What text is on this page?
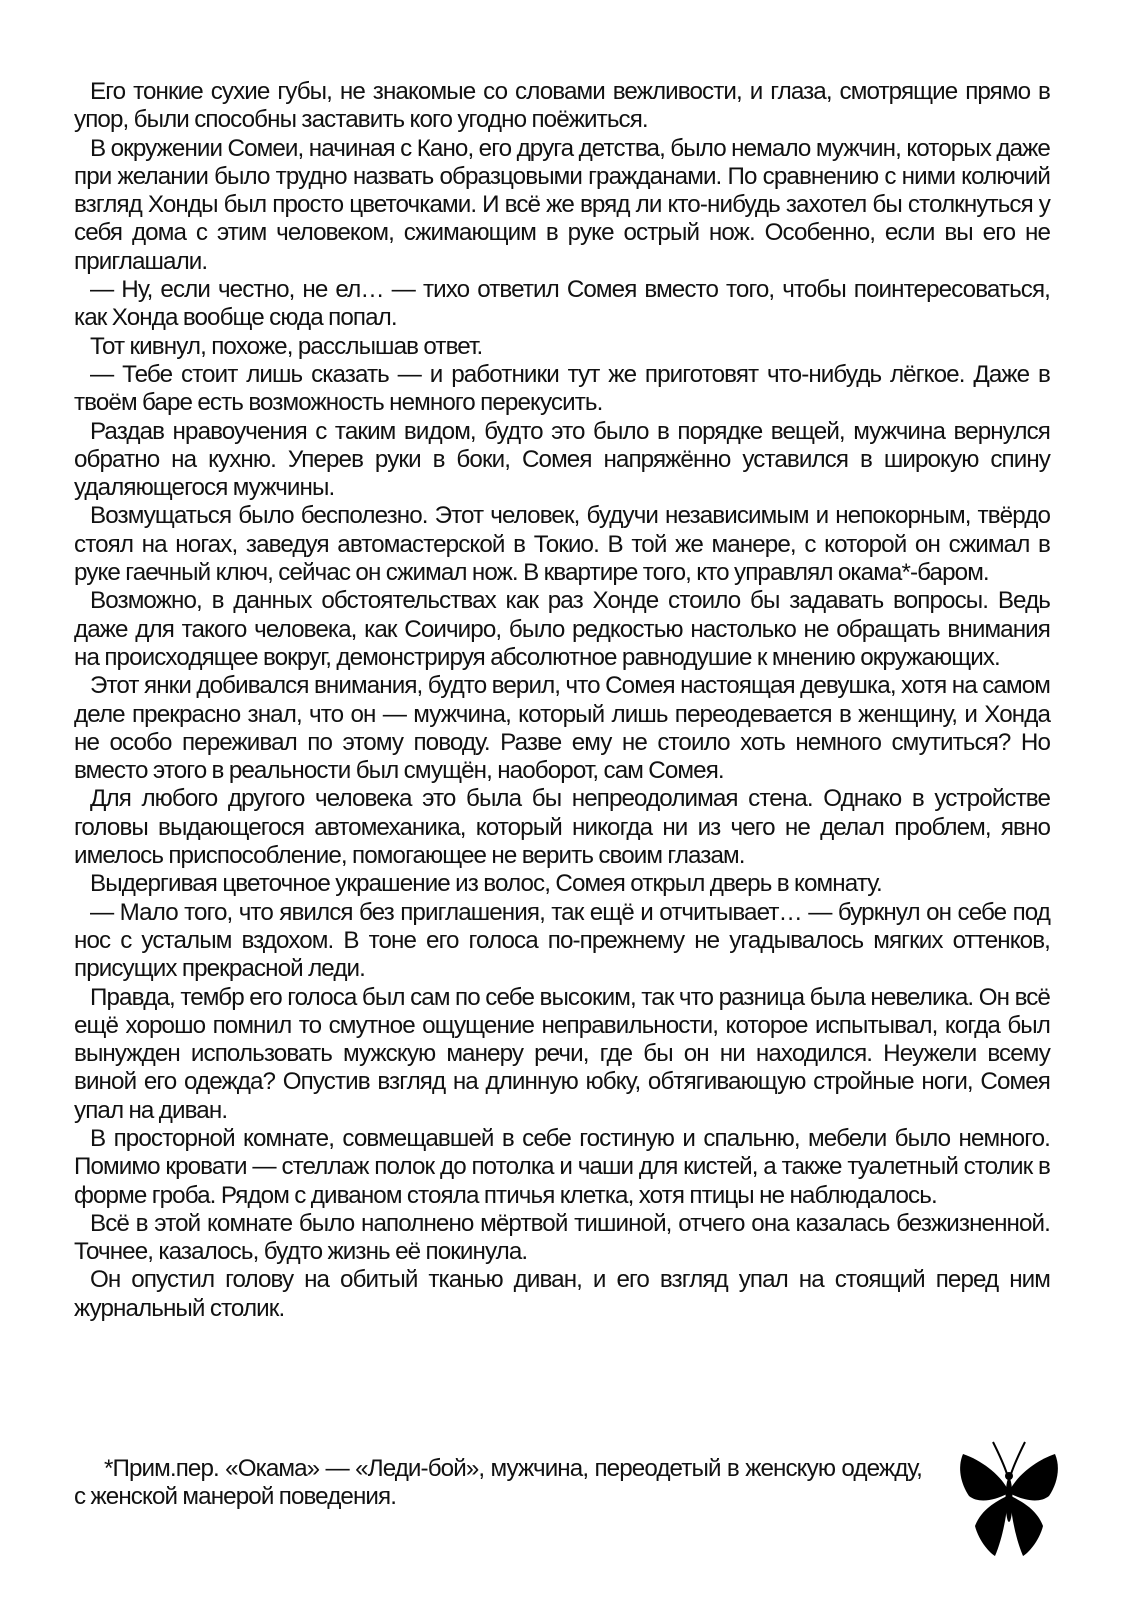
Его тонкие сухие губы, не знакомые со словами вежливости, и глаза, смотрящие прямо в упор, были способны заставить кого угодно поёжиться.

В окружении Сомеи, начиная с Кано, его друга детства, было немало мужчин, которых даже при желании было трудно назвать образцовыми гражданами. По сравнению с ними колючий взгляд Хонды был просто цветочками. И всё же вряд ли кто-нибудь захотел бы столкнуться у себя дома с этим человеком, сжимающим в руке острый нож. Особенно, если вы его не приглашали.

— Ну, если честно, не ел… — тихо ответил Сомея вместо того, чтобы поинтересоваться, как Хонда вообще сюда попал.

Тот кивнул, похоже, расслышав ответ.

— Тебе стоит лишь сказать — и работники тут же приготовят что-нибудь лёгкое. Даже в твоём баре есть возможность немного перекусить.

Раздав нравоучения с таким видом, будто это было в порядке вещей, мужчина вернулся обратно на кухню. Уперев руки в боки, Сомея напряжённо уставился в широкую спину удаляющегося мужчины.

Возмущаться было бесполезно. Этот человек, будучи независимым и непокорным, твёрдо стоял на ногах, заведуя автомастерской в Токио. В той же манере, с которой он сжимал в руке гаечный ключ, сейчас он сжимал нож. В квартире того, кто управлял окама*-баром.

Возможно, в данных обстоятельствах как раз Хонде стоило бы задавать вопросы. Ведь даже для такого человека, как Соичиро, было редкостью настолько не обращать внимания на происходящее вокруг, демонстрируя абсолютное равнодушие к мнению окружающих.

Этот янки добивался внимания, будто верил, что Сомея настоящая девушка, хотя на самом деле прекрасно знал, что он — мужчина, который лишь переодевается в женщину, и Хонда не особо переживал по этому поводу. Разве ему не стоило хоть немного смутиться? Но вместо этого в реальности был смущён, наоборот, сам Сомея.

Для любого другого человека это была бы непреодолимая стена. Однако в устройстве головы выдающегося автомеханика, который никогда ни из чего не делал проблем, явно имелось приспособление, помогающее не верить своим глазам.

Выдергивая цветочное украшение из волос, Сомея открыл дверь в комнату.

— Мало того, что явился без приглашения, так ещё и отчитывает… — буркнул он себе под нос с усталым вздохом. В тоне его голоса по-прежнему не угадывалось мягких оттенков, присущих прекрасной леди.

Правда, тембр его голоса был сам по себе высоким, так что разница была невелика. Он всё ещё хорошо помнил то смутное ощущение неправильности, которое испытывал, когда был вынужден использовать мужскую манеру речи, где бы он ни находился. Неужели всему виной его одежда? Опустив взгляд на длинную юбку, обтягивающую стройные ноги, Сомея упал на диван.

В просторной комнате, совмещавшей в себе гостиную и спальню, мебели было немного. Помимо кровати — стеллаж полок до потолка и чаши для кистей, а также туалетный столик в форме гроба. Рядом с диваном стояла птичья клетка, хотя птицы не наблюдалось.

Всё в этой комнате было наполнено мёртвой тишиной, отчего она казалась безжизненной. Точнее, казалось, будто жизнь её покинула.

Он опустил голову на обитый тканью диван, и его взгляд упал на стоящий перед ним журнальный столик.

*Прим.пер. «Окама» — «Леди-бой», мужчина, переодетый в женскую одежду, с женской манерой поведения.
